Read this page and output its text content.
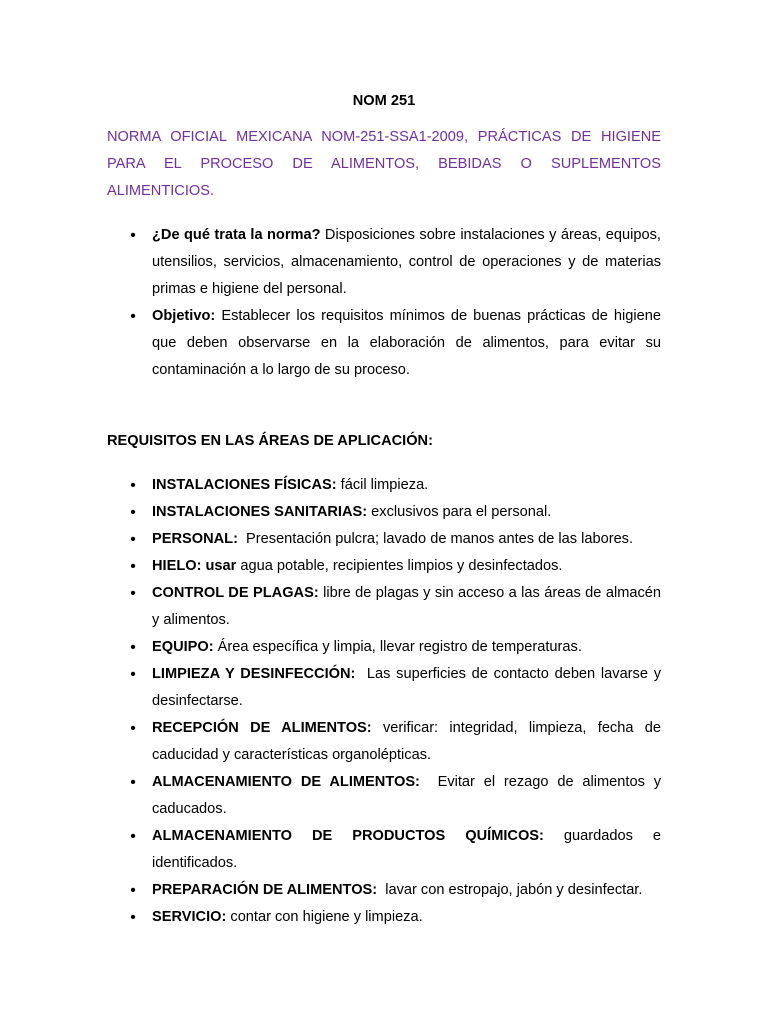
NOM 251
NORMA OFICIAL MEXICANA NOM-251-SSA1-2009, PRÁCTICAS DE HIGIENE PARA EL PROCESO DE ALIMENTOS, BEBIDAS O SUPLEMENTOS ALIMENTICIOS.
•
¿De qué trata la norma? Disposiciones sobre instalaciones y áreas, equipos, utensilios, servicios, almacenamiento, control de operaciones y de materias primas e higiene del personal.
•
Objetivo: Establecer los requisitos mínimos de buenas prácticas de higiene que deben observarse en la elaboración de alimentos, para evitar su contaminación a lo largo de su proceso.
REQUISITOS EN LAS ÁREAS DE APLICACIÓN:
•
INSTALACIONES FÍSICAS: fácil limpieza.
•
INSTALACIONES SANITARIAS: exclusivos para el personal.
•
PERSONAL:  Presentación pulcra; lavado de manos antes de las labores.
•
HIELO: usar agua potable, recipientes limpios y desinfectados.
•
CONTROL DE PLAGAS: libre de plagas y sin acceso a las áreas de almacén y alimentos.
•
EQUIPO: Área específica y limpia, llevar registro de temperaturas.
•
LIMPIEZA Y DESINFECCIÓN:  Las superficies de contacto deben lavarse y desinfectarse.
•
RECEPCIÓN DE ALIMENTOS: verificar: integridad, limpieza, fecha de caducidad y características organolépticas.
•
ALMACENAMIENTO DE ALIMENTOS:  Evitar el rezago de alimentos y caducados.
•
ALMACENAMIENTO DE PRODUCTOS QUÍMICOS: guardados e identificados.
•
PREPARACIÓN DE ALIMENTOS:  lavar con estropajo, jabón y desinfectar.
•
SERVICIO: contar con higiene y limpieza.
